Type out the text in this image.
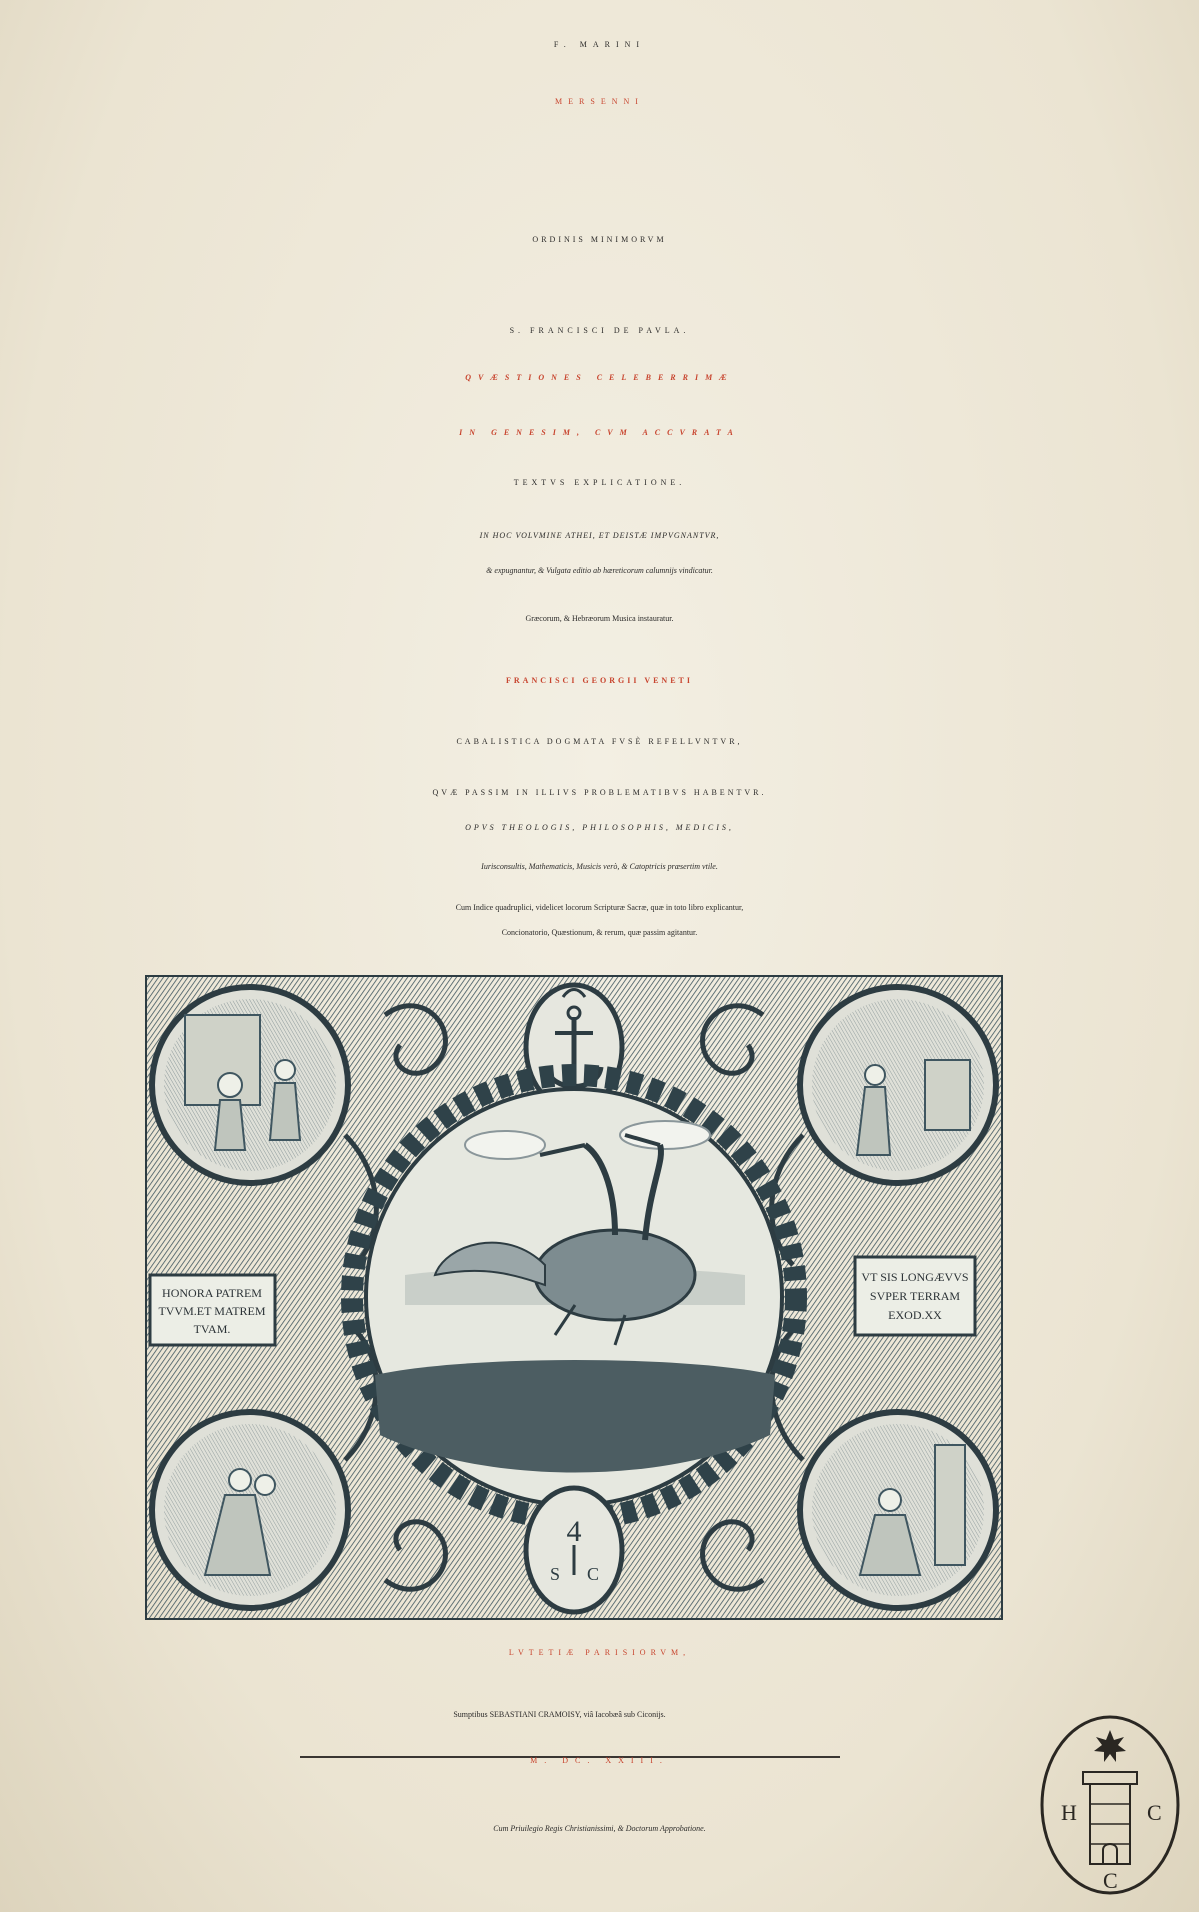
F. MARINI
MERSENNI
ORDINIS MINIMORVM
S. FRANCISCI DE PAVLA.
QVÆSTIONES CELEBERRIMÆ
IN GENESIM, CVM ACCVRATA
TEXTVS EXPLICATIONE.
IN HOC VOLVMINE ATHEI, ET DEISTÆ IMPVGNANTVR,
& expugnantur, & Vulgata editio ab hæreticorum calumnijs vindicatur.
Græcorum, & Hebræorum Musica instauratur.
FRANCISCI GEORGII VENETI
CABALISTICA DOGMATA FVSÈ REFELLVNTVR,
QVÆ PASSIM IN ILLIVS PROBLEMATIBVS HABENTVR.
OPVS THEOLOGIS, PHILOSOPHIS, MEDICIS,
Iurisconsultis, Mathematicis, Musicis verò, & Catoptricis præsertim vtile.
Cum Indice quadruplici, videlicet locorum Scripturæ Sacræ, quæ in toto libro explicantur,
Concionatorio, Quæstionum, & rerum, quæ passim agitantur.
HONORA PATREM
TVVM.ET MATREM
TVAM.
VT SIS LONGÆVVS
SVPER TERRAM
EXOD.XX
4
S C
LVTETIÆ PARISIORVM,
Sumptibus SEBASTIANI CRAMOISY, viâ Iacobæâ sub Ciconijs.
M. DC. XXIII.
Cum Priuilegio Regis Christianissimi, & Doctorum Approbatione.
H	C
C
